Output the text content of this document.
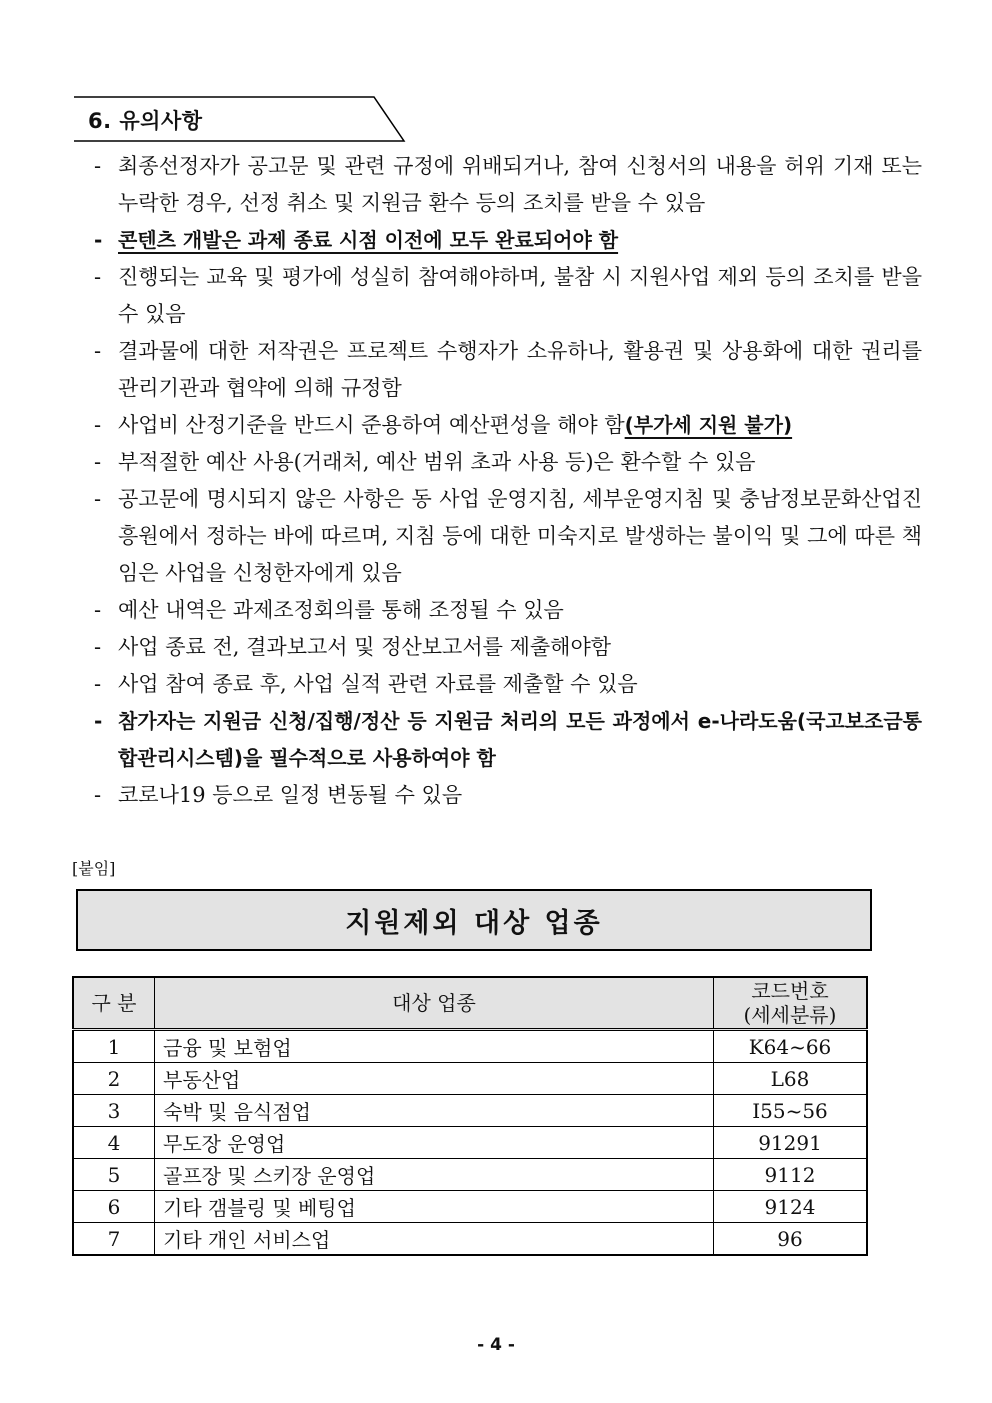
6. 유의사항
- 최종선정자가 공고문 및 관련 규정에 위배되거나, 참여 신청서의 내용을 허위 기재 또는 누락한 경우, 선정 취소 및 지원금 환수 등의 조치를 받을 수 있음
- 콘텐츠 개발은 과제 종료 시점 이전에 모두 완료되어야 함
- 진행되는 교육 및 평가에 성실히 참여해야하며, 불참 시 지원사업 제외 등의 조치를 받을 수 있음
- 결과물에 대한 저작권은 프로젝트 수행자가 소유하나, 활용권 및 상용화에 대한 권리를 관리기관과 협약에 의해 규정함
- 사업비 산정기준을 반드시 준용하여 예산편성을 해야 함(부가세 지원 불가)
- 부적절한 예산 사용(거래처, 예산 범위 초과 사용 등)은 환수할 수 있음
- 공고문에 명시되지 않은 사항은 동 사업 운영지침, 세부운영지침 및 충남정보문화산업진흥원에서 정하는 바에 따르며, 지침 등에 대한 미숙지로 발생하는 불이익 및 그에 따른 책임은 사업을 신청한자에게 있음
- 예산 내역은 과제조정회의를 통해 조정될 수 있음
- 사업 종료 전, 결과보고서 및 정산보고서를 제출해야함
- 사업 참여 종료 후, 사업 실적 관련 자료를 제출할 수 있음
- 참가자는 지원금 신청/집행/정산 등 지원금 처리의 모든 과정에서 e-나라도움(국고보조금통합관리시스템)을 필수적으로 사용하여야 함
- 코로나19 등으로 일정 변동될 수 있음
[붙임]
지원제외 대상 업종
구 분	대상 업종	코드번호
(세세분류)
1	금융 및 보험업	K64~66
2	부동산업	L68
3	숙박 및 음식점업	I55~56
4	무도장 운영업	91291
5	골프장 및 스키장 운영업	9112
6	기타 갬블링 및 베팅업	9124
7	기타 개인 서비스업	96
- 4 -
